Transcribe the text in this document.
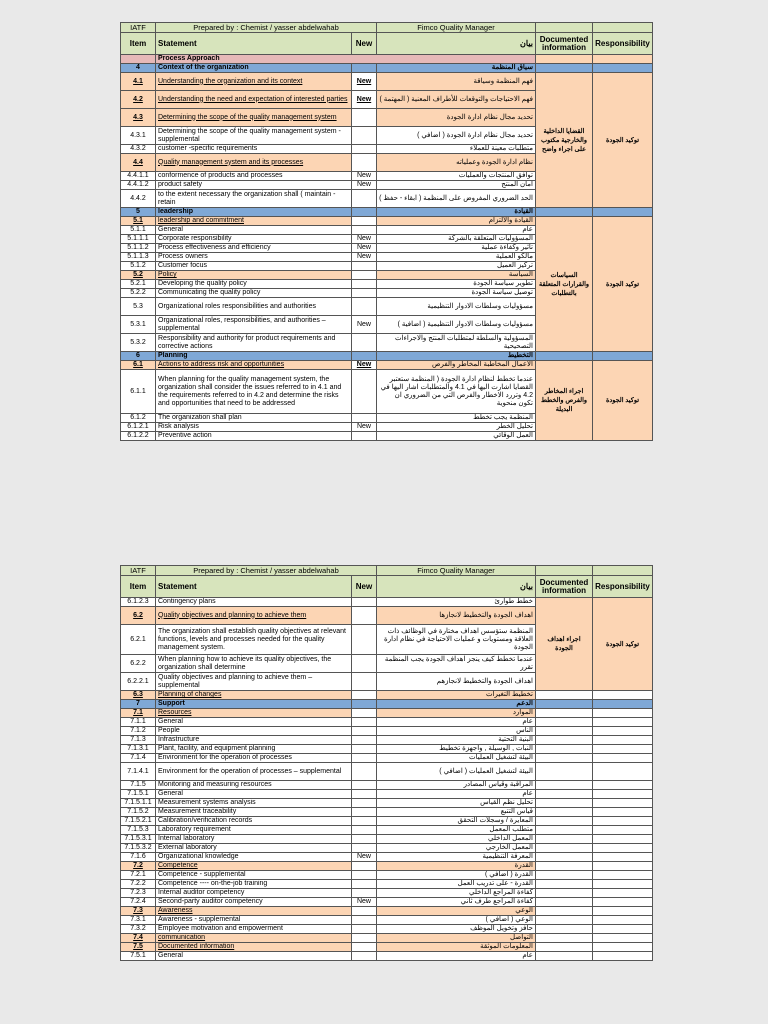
IATF	Prepared by : Chemist / yasser abdelwahab		Fimco Quality Manager		
Item	Statement	New	بيان	Documented information	Responsibility
	Process Approach				
4	Context of the organization		سياق المنظمة		
4.1	Understanding the organization and its context	New	فهم المنظمة وسياقة	القضايا الداخلية والخارجية مكتوب على اجراء واضح	توكيد الجودة
4.2	Understanding the need and expectation of interested parties	New	فهم الاحتياجات والتوقعات للأطراف المعنية ( المهتمة )		
4.3	Determining the scope of the quality management system		تحديد مجال نظام ادارة الجودة		
4.3.1	Determining the scope of the quality management system - supplemental		تحديد مجال نظام ادارة الجودة ( اضافي )		
4.3.2	customer -specific requirements		متطلبات معينة للعملاء		
4.4	Quality management system and its processes		نظام ادارة الجودة وعملياته		
4.4.1.1	conformence of products and processes	New	توافق المنتجات والعمليات		
4.4.1.2	product safety	New	امان المنتج		
4.4.2	to the extent necessary the organization shall ( maintain - retain		الحد الضروري المفروض على المنظمة ( ابقاء - حفظ )		
5	leadership		القيادة		
5.1	leadership and commitment		القيادة والالتزام	السياسات والقرارات المتعلقة بالتطلبات	توكيد الجودة
5.1.1	General		عام		
5.1.1.1	Corporate responsibility	New	المسؤوليات المتعلقة بالشركة		
5.1.1.2	Process effectiveness and efficiency	New	تأثير وكفاءة عملية		
5.1.1.3	Process owners	New	مالكو العملية		
5.1.2	Customer focus		تركيز العميل		
5.2	Policy		السياسة		
5.2.1	Developing the quality policy		تطوير سياسة الجودة		
5.2.2	Communicating the quality policy		توصيل سياسة الجودة		
5.3	Organizational roles responsibilities and authorities		مسؤوليات وسلطات الادوار التنظيمية		
5.3.1	Organizational roles, responsibilities, and authorities –supplemental	New	مسؤوليات وسلطات الادوار التنظيمية ( اضافية )		
5.3.2	Responsibility and authority for product requirements and corrective actions		المسؤولية والسلطة لمتطلبات المنتج والاجراءات التصحيحية		
6	Planning		التخطيط		
6.1	Actions to address risk and opportunities	New	الاعمال المخاطبة المخاطر والفرص	اجراء المخاطر والفرص والخطط البديلة	توكيد الجودة
6.1.1	When planning for the quality management system, the organization shall consider the issues referred to in 4.1 and the requirements referred to in 4.2 and determine the risks and opportunities that need to be addressed		عندما تخطط لنظام ادارة الجودة ( المنظمة ستعتبر القضايا اشارت اليها في 4.1 والمتطلبات اشار اليها في 4.2 وتررد الاخطار والفرص التي من الضروري ان تكون منحوية		
6.1.2	The organization shall plan		المنظمة يجب تخطط		
6.1.2.1	Risk analysis	New	تحليل الخطر		
6.1.2.2	Preventive action		العمل الوقائي		
IATF	Prepared by : Chemist / yasser abdelwahab		Fimco Quality Manager		
Item	Statement	New	بيان	Documented information	Responsibility
6.1.2.3	Contingency plans		خطط طوارئ	اجراء اهداف الجودة	توكيد الجودة
6.2	Quality objectives and planning to achieve them		اهداف الجودة والتخطيط لانجازها		
6.2.1	The organization shall establish quality objectives at relevant functions, levels and processes needed for the quality management system.		المنظمة ستؤسس اهداف مختارة في الوظائف ذات العلاقة ومستويات و عمليات الاحتياجة في نظام ادارة الجودة		
6.2.2	When planning how to achieve its quality objectives, the organization shall determine		عندما تخطط كيف ينجز اهداف الجودة يجب المنظمة تقرر		
6.2.2.1	Quality objectives and planning to achieve them –supplemental		اهداف الجودة والتخطيط لانجازهم		
6.3	Planning of changes		تخطيط التغيرات		
7	Support		الدعم		
7.1	Resources		الموارد		
7.1.1	General		عام		
7.1.2	People		الناس		
7.1.3	Infrastructure		البنية التحتية		
7.1.3.1	Plant, facility, and equipment planning		النبات , الوسيلة , وأجهزة تخطيط		
7.1.4	Environment for the operation of processes		البيئة لتشغيل العمليات		
7.1.4.1	Environment for the operation of processes – supplemental		البيئة لتشغيل العمليات ( اضافي )		
7.1.5	Monitoring and measuring resources		المراقبة وقياس المصادر		
7.1.5.1	General		عام		
7.1.5.1.1	Measurement systems analysis		تحليل نظم القياس		
7.1.5.2	Measurement traceability		قياس التتبع		
7.1.5.2.1	Calibration/verification records		المعايرة / وسجلات التحقق		
7.1.5.3	Laboratory requirement		متطلب المعمل		
7.1.5.3.1	Internal laboratory		المعمل الداخلي		
7.1.5.3.2	External laboratory		المعمل الخارجي		
7.1.6	Organizational knowledge	New	المعرفة التنظيمية		
7.2	Competence		القدرة		
7.2.1	Competence - supplemental		القدرة ( اضافي )		
7.2.2	Competence ---- on-the-job training		القدرة - على تدريب العمل		
7.2.3	Internal auditor competency		كفاءة المراجع الداخلي		
7.2.4	Second-party auditor competency	New	كفاءة المراجع طرف ثاني		
7.3	Awareness		الوعي		
7.3.1	Awareness - supplemental		الوعي ( اضافي )		
7.3.2	Employee motivation and empowerment		حافز وتخويل الموظف		
7.4	communication		التواصل		
7.5	Documented information		المعلومات الموثقة		
7.5.1	General		عام		
